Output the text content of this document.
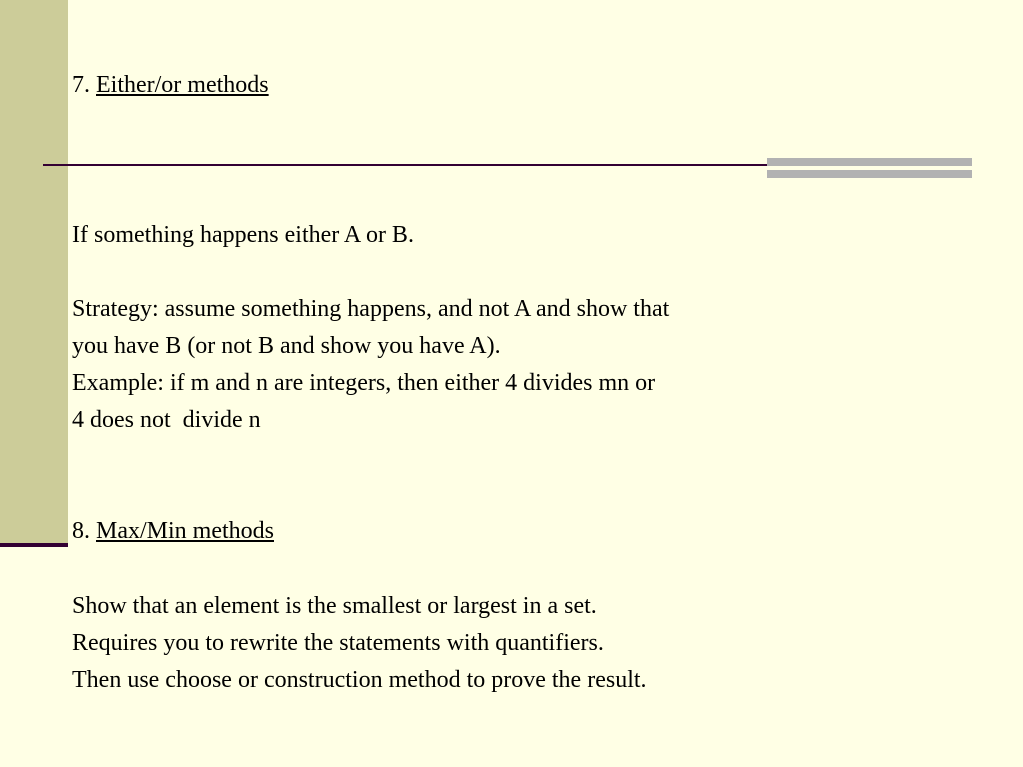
7. Either/or methods
If something happens either A or B.

Strategy: assume something happens, and not A and show that
you have B (or not B and show you have A).
Example: if m and n are integers, then either 4 divides mn or
4 does not  divide n
8. Max/Min methods
Show that an element is the smallest or largest in a set.
Requires you to rewrite the statements with quantifiers.
Then use choose or construction method to prove the result.
